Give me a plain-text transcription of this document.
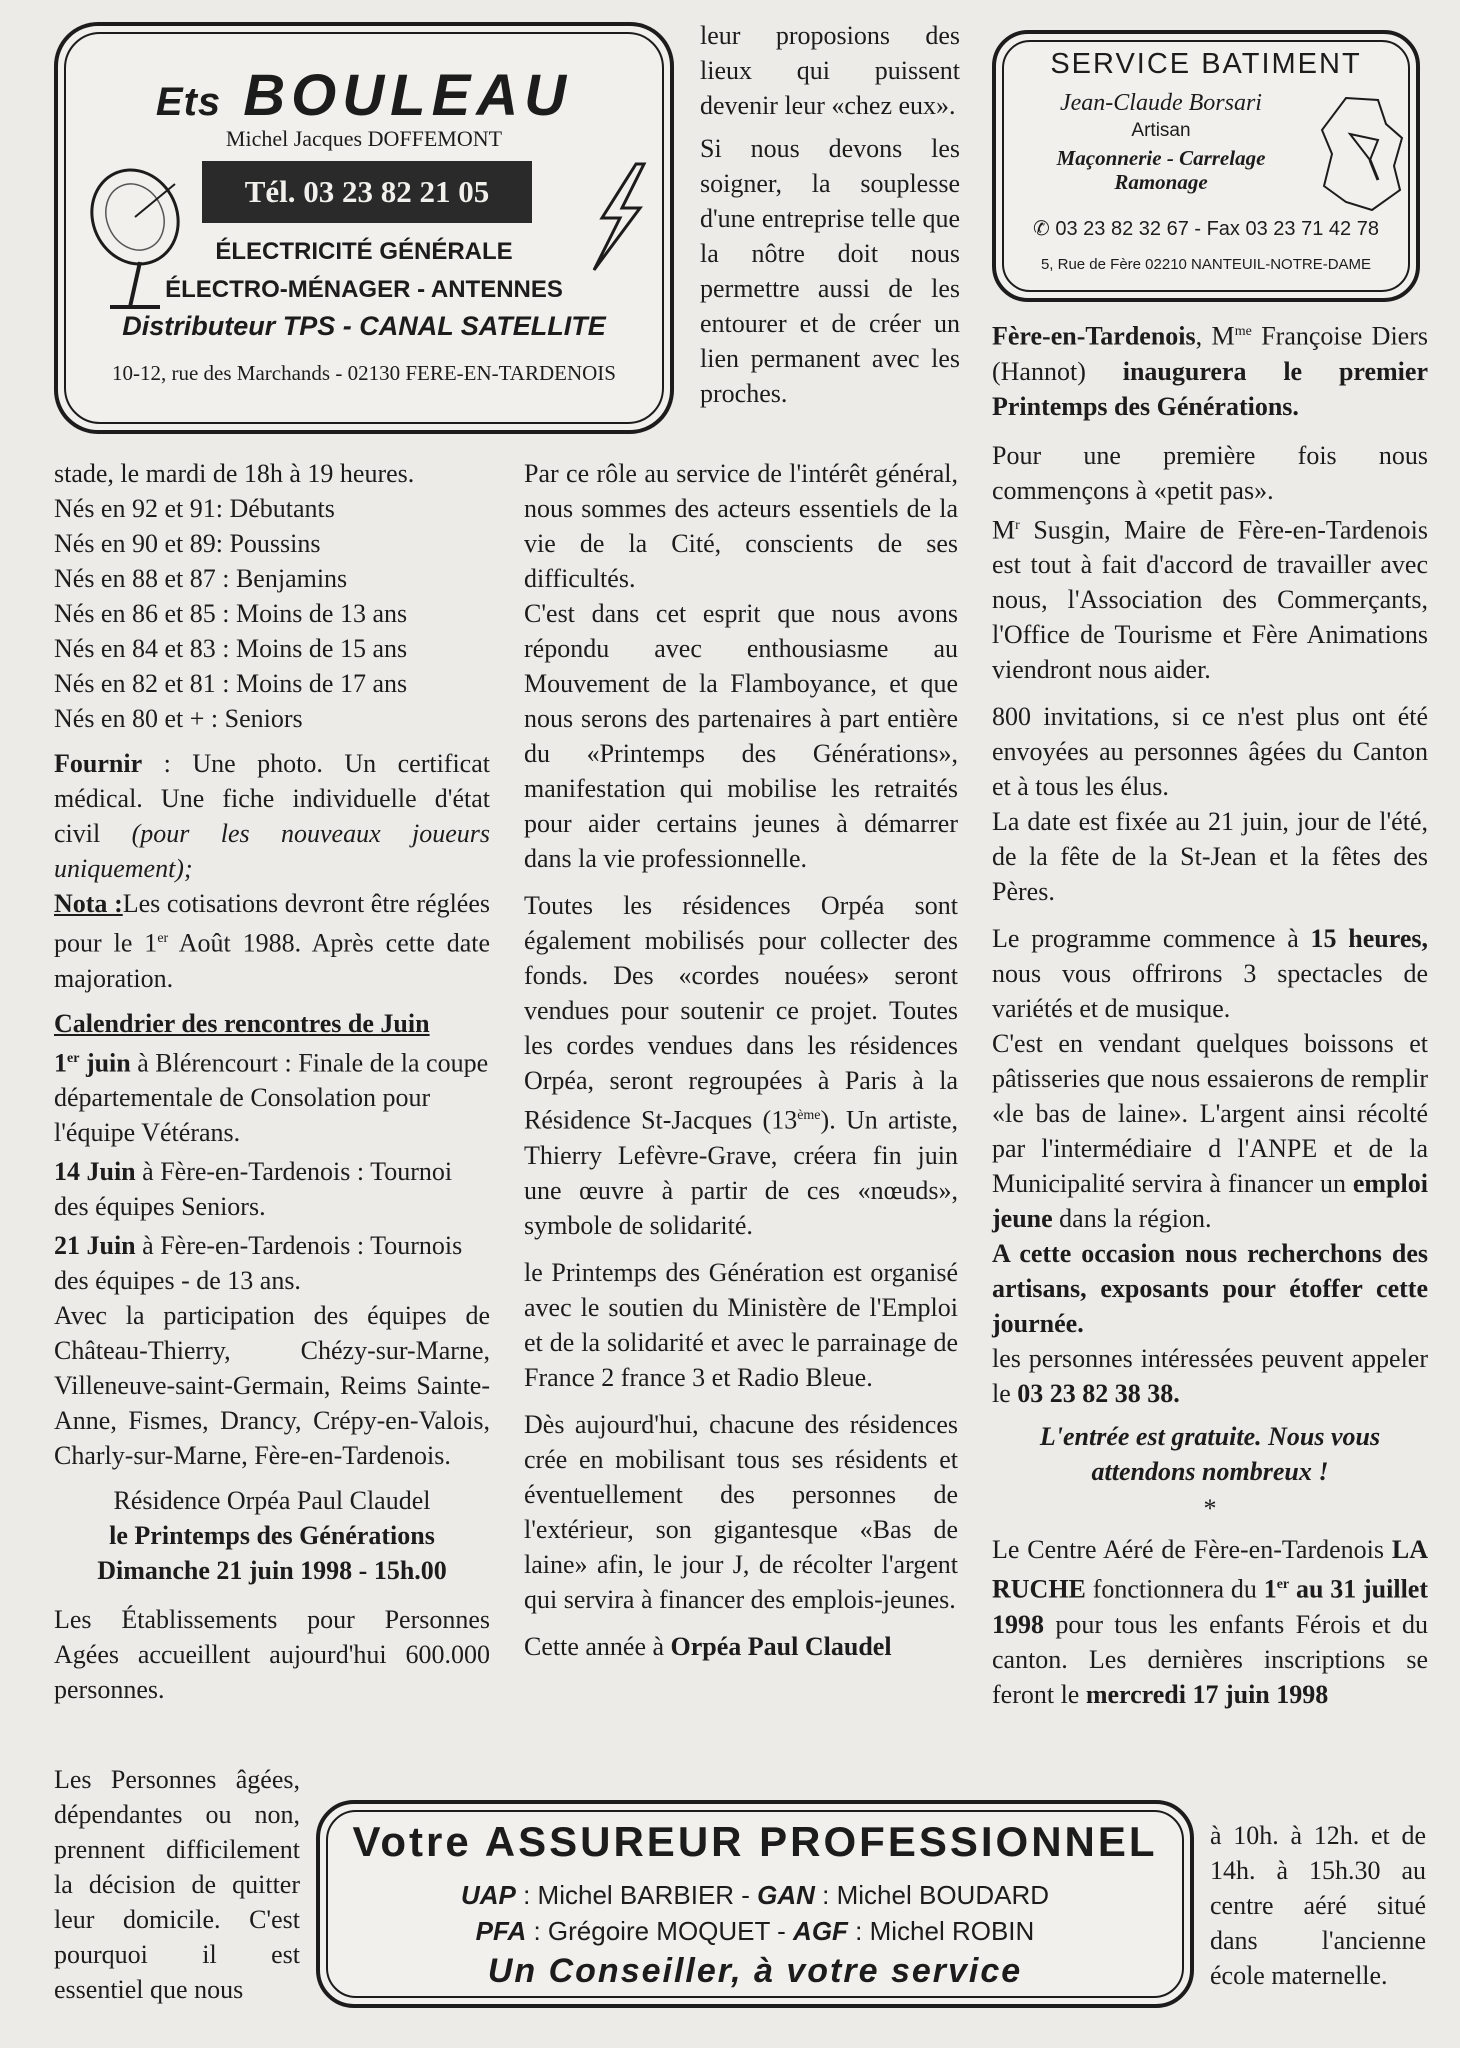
Ets BOULEAU
Michel Jacques DOFFEMONT
Tél. 03 23 82 21 05
ÉLECTRICITÉ GÉNÉRALE
ÉLECTRO-MÉNAGER - ANTENNES
Distributeur TPS - CANAL SATELLITE
10-12, rue des Marchands - 02130 FERE-EN-TARDENOIS
SERVICE BATIMENT
Jean-Claude Borsari
Artisan
Maçonnerie - Carrelage
Ramonage
✆ 03 23 82 32 67 - Fax 03 23 71 42 78
5, Rue de Fère 02210 NANTEUIL-NOTRE-DAME
stade, le mardi de 18h à 19 heures.
Nés en 92 et 91: Débutants
Nés en 90 et 89: Poussins
Nés en 88 et 87 : Benjamins
Nés en 86 et 85 : Moins de 13 ans
Nés en 84 et 83 : Moins de 15 ans
Nés en 82 et 81 : Moins de 17 ans
Nés en 80 et + : Seniors

Fournir : Une photo. Un certificat médical. Une fiche individuelle d'état civil (pour les nouveaux joueurs uniquement);

Nota :Les cotisations devront être réglées pour le 1er Août 1988. Après cette date majoration.

Calendrier des rencontres de Juin

1er juin à Blérencourt : Finale de la coupe départementale de Consolation pour l'équipe Vétérans.

14 Juin à Fère-en-Tardenois : Tournoi des équipes Seniors.

21 Juin à Fère-en-Tardenois : Tournois des équipes - de 13 ans.

Avec la participation des équipes de Château-Thierry, Chézy-sur-Marne, Villeneuve-saint-Germain, Reims Sainte-Anne, Fismes, Drancy, Crépy-en-Valois, Charly-sur-Marne, Fère-en-Tardenois.

Résidence Orpéa Paul Claudel
le Printemps des Générations
Dimanche 21 juin 1998 - 15h.00

Les Établissements pour Personnes Agées accueillent aujourd'hui 600.000 personnes.

Les Personnes âgées, dépendantes ou non, prennent difficilement la décision de quitter leur domicile. C'est pourquoi il est essentiel que nous

leur proposions des lieux qui puissent devenir leur «chez eux».

Si nous devons les soigner, la souplesse d'une entreprise telle que la nôtre doit nous permettre aussi de les entourer et de créer un lien permanent avec les proches.

Par ce rôle au service de l'intérêt général, nous sommes des acteurs essentiels de la vie de la Cité, conscients de ses difficultés.

C'est dans cet esprit que nous avons répondu avec enthousiasme au Mouvement de la Flamboyance, et que nous serons des partenaires à part entière du «Printemps des Générations», manifestation qui mobilise les retraités pour aider certains jeunes à démarrer dans la vie professionnelle.

Toutes les résidences Orpéa sont également mobilisés pour collecter des fonds. Des «cordes nouées» seront vendues pour soutenir ce projet. Toutes les cordes vendues dans les résidences Orpéa, seront regroupées à Paris à la Résidence St-Jacques (13ème). Un artiste, Thierry Lefèvre-Grave, créera fin juin une œuvre à partir de ces «nœuds», symbole de solidarité.

le Printemps des Génération est organisé avec le soutien du Ministère de l'Emploi et de la solidarité et avec le parrainage de France 2 france 3 et Radio Bleue.

Dès aujourd'hui, chacune des résidences crée en mobilisant tous ses résidents et éventuellement des personnes de l'extérieur, son gigantesque «Bas de laine» afin, le jour J, de récolter l'argent qui servira à financer des emplois-jeunes.

Cette année à Orpéa Paul Claudel

Fère-en-Tardenois, $M^{me}$ Françoise Diers (Hannot) inaugurera le premier Printemps des Générations.

Pour une première fois nous commençons à «petit pas».

$M^r$ Susgin, Maire de Fère-en-Tardenois est tout à fait d'accord de travailler avec nous, l'Association des Commerçants, l'Office de Tourisme et Fère Animations viendront nous aider.

800 invitations, si ce n'est plus ont été envoyées au personnes âgées du Canton et à tous les élus.

La date est fixée au 21 juin, jour de l'été, de la fête de la St-Jean et la fêtes des Pères.

Le programme commence à 15 heures, nous vous offrirons 3 spectacles de variétés et de musique.

C'est en vendant quelques boissons et pâtisseries que nous essaierons de remplir «le bas de laine». L'argent ainsi récolté par l'intermédiaire d l'ANPE et de la Municipalité servira à financer un emploi jeune dans la région.

A cette occasion nous recherchons des artisans, exposants pour étoffer cette journée.

les personnes intéressées peuvent appeler le 03 23 82 38 38.

L'entrée est gratuite. Nous vous attendons nombreux !

*

Le Centre Aéré de Fère-en-Tardenois LA RUCHE fonctionnera du 1er au 31 juillet 1998 pour tous les enfants Férois et du canton. Les dernières inscriptions se feront le mercredi 17 juin 1998

à 10h. à 12h. et de 14h. à 15h.30 au centre aéré situé dans l'ancienne école maternelle.

Votre ASSUREUR PROFESSIONNEL
UAP : Michel BARBIER - GAN : Michel BOUDARD
PFA : Grégoire MOQUET - AGF : Michel ROBIN
Un Conseiller, à votre service
